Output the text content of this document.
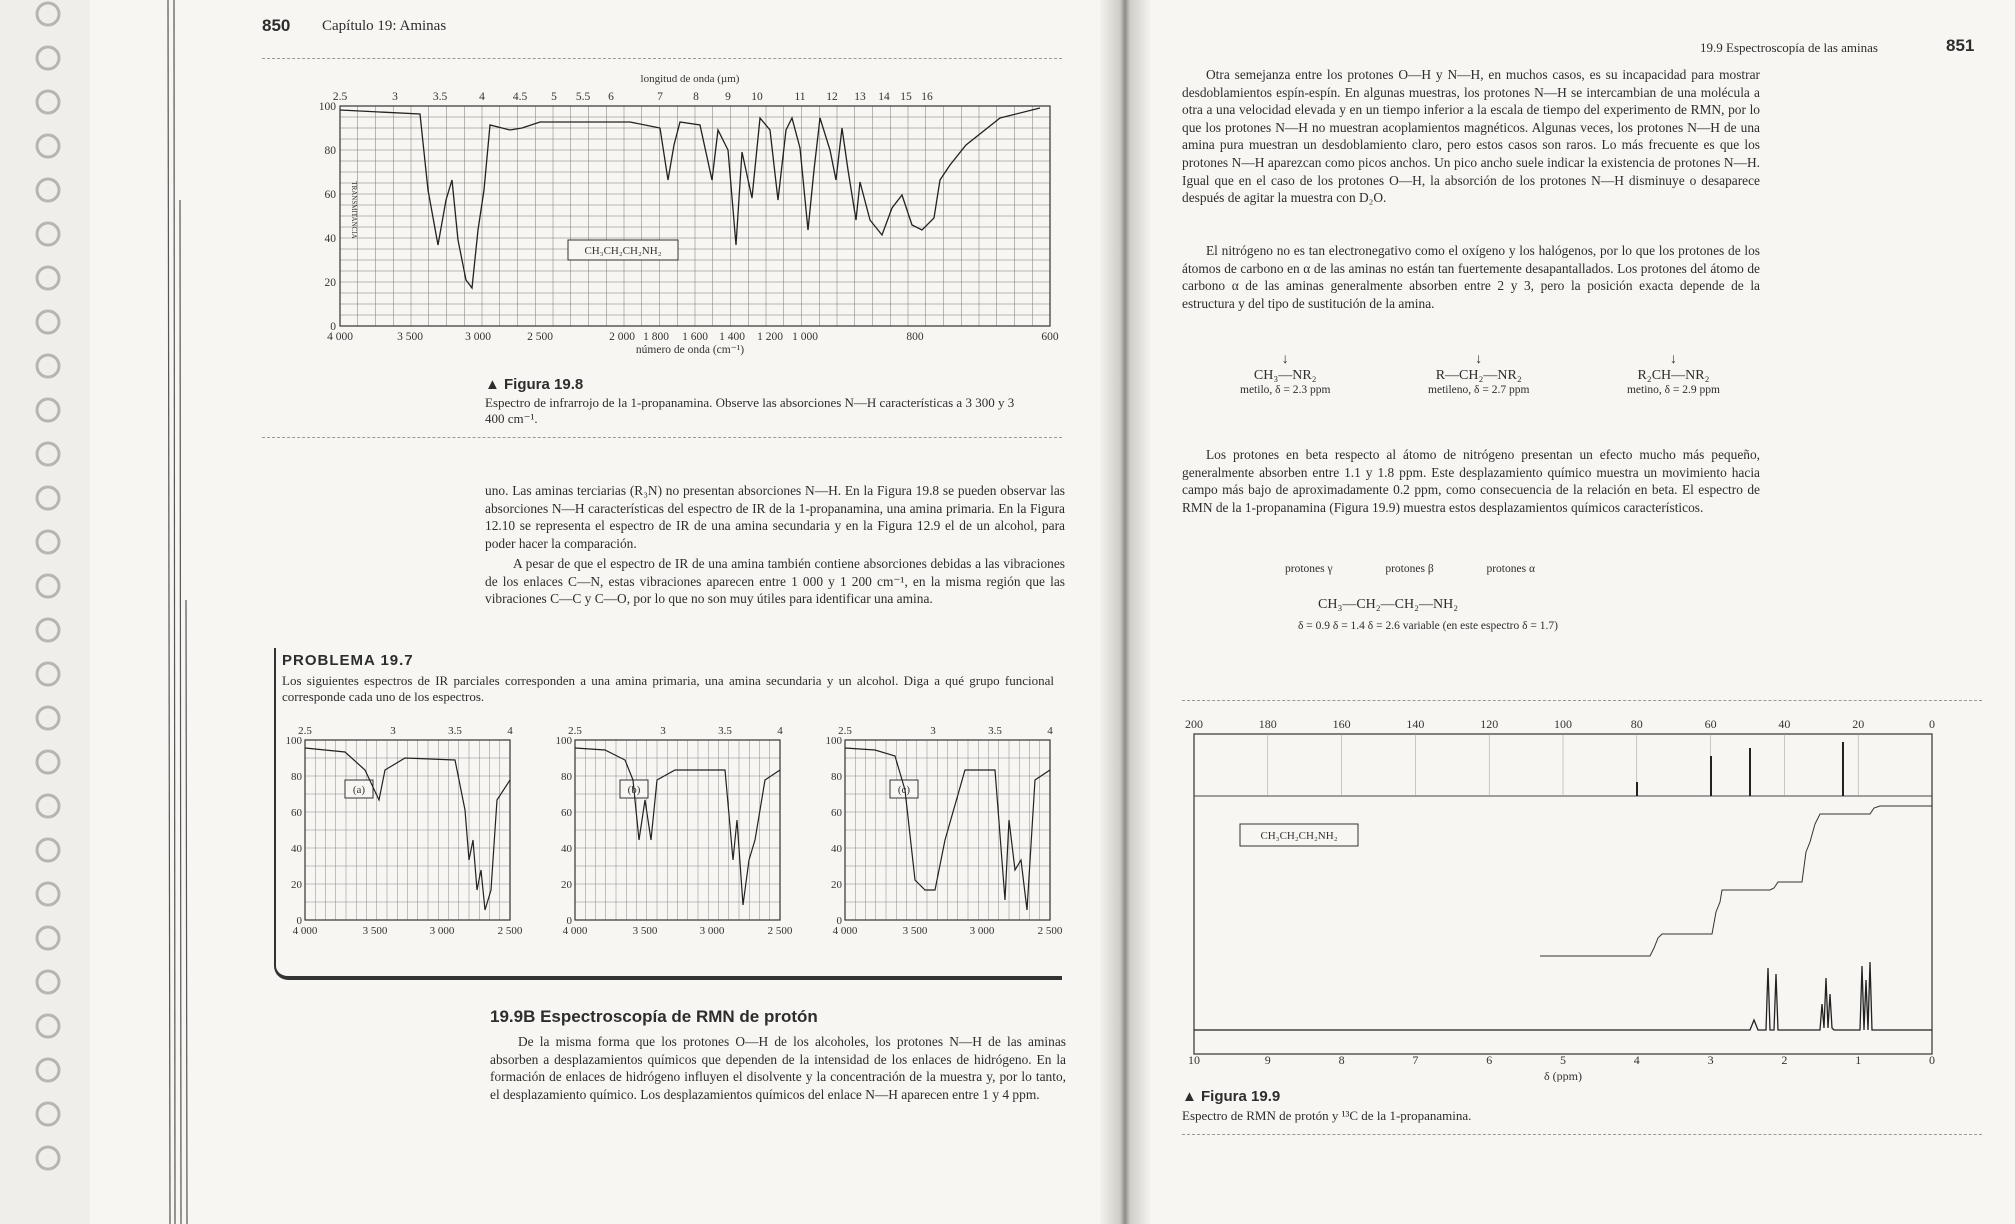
850 Capítulo 19: Aminas
longitud de onda (µm)
2.5	3	3.5	4 4.5 5 5.5 6	7	8 9 10	11 12 13 14 15 16
100
80
60
40
20
0
4 000	3 500	3 000	2 500	2 000 1 800 1 600 1 400 1 200 1 000	800	600
número de onda (cm⁻¹)
TRANSMITANCIA
CH₃CH₂CH₂NH₂
▲ Figura 19.8
Espectro de infrarrojo de la 1-propanamina. Observe las absorciones N—H características a 3 300 y 3 400 cm⁻¹.
uno. Las aminas terciarias (R₃N) no presentan absorciones N—H. En la Figura 19.8 se pueden observar las absorciones N—H características del espectro de IR de la 1-propanamina, una amina primaria. En la Figura 12.10 se representa el espectro de IR de una amina secundaria y en la Figura 12.9 el de un alcohol, para poder hacer la comparación.
A pesar de que el espectro de IR de una amina también contiene absorciones debidas a las vibraciones de los enlaces C—N, estas vibraciones aparecen entre 1 000 y 1 200 cm⁻¹, en la misma región que las vibraciones C—C y C—O, por lo que no son muy útiles para identificar una amina.
PROBLEMA 19.7
Los siguientes espectros de IR parciales corresponden a una amina primaria, una amina secundaria y un alcohol. Diga a qué grupo funcional corresponde cada uno de los espectros.
2.5	3	3.5	4
100
80
60
40
20
0
4 000	3 500	3 000	2 500
(a)
2.5	3	3.5	4
100
80
60
40
20
0
4 000	3 500	3 000	2 500
(b)
2.5	3	3.5	4
100
80
60
40
20
0
4 000	3 500	3 000	2 500
(c)
19.9B Espectroscopía de RMN de protón
De la misma forma que los protones O—H de los alcoholes, los protones N—H de las aminas absorben a desplazamientos químicos que dependen de la intensidad de los enlaces de hidrógeno. En la formación de enlaces de hidrógeno influyen el disolvente y la concentración de la muestra y, por lo tanto, el desplazamiento químico. Los desplazamientos químicos del enlace N—H aparecen entre 1 y 4 ppm.
19.9 Espectroscopía de las aminas	851
Otra semejanza entre los protones O—H y N—H, en muchos casos, es su incapacidad para mostrar desdoblamientos espín-espín. En algunas muestras, los protones N—H se intercambian de una molécula a otra a una velocidad elevada y en un tiempo inferior a la escala de tiempo del experimento de RMN, por lo que los protones N—H no muestran acoplamientos magnéticos. Algunas veces, los protones N—H de una amina pura muestran un desdoblamiento claro, pero estos casos son raros. Lo más frecuente es que los protones N—H aparezcan como picos anchos. Un pico ancho suele indicar la existencia de protones N—H. Igual que en el caso de los protones O—H, la absorción de los protones N—H disminuye o desaparece después de agitar la muestra con D₂O.
El nitrógeno no es tan electronegativo como el oxígeno y los halógenos, por lo que los protones de los átomos de carbono en α de las aminas no están tan fuertemente desapantallados. Los protones del átomo de carbono α de las aminas generalmente absorben entre 2 y 3, pero la posición exacta depende de la estructura y del tipo de sustitución de la amina.
↓
CH₃—NR₂
metilo, δ = 2.3 ppm
↓
R—CH₂—NR₂
metileno, δ = 2.7 ppm
↓
R₂CH—NR₂
metino, δ = 2.9 ppm
Los protones en beta respecto al átomo de nitrógeno presentan un efecto mucho más pequeño, generalmente absorben entre 1.1 y 1.8 ppm. Este desplazamiento químico muestra un movimiento hacia campo más bajo de aproximadamente 0.2 ppm, como consecuencia de la relación en beta. El espectro de RMN de la 1-propanamina (Figura 19.9) muestra estos desplazamientos químicos característicos.
protones γ	protones β	protones α
CH₃—CH₂—CH₂—NH₂
δ = 0.9 δ = 1.4 δ = 2.6 variable (en este espectro δ = 1.7)
200	180	160	140	120	100	80	60	40	20	0
CH₃CH₂CH₂NH₂
10	9	8	7	6	5	4	3	2	1	0
δ (ppm)
▲ Figura 19.9
Espectro de RMN de protón y ¹³C de la 1-propanamina.
